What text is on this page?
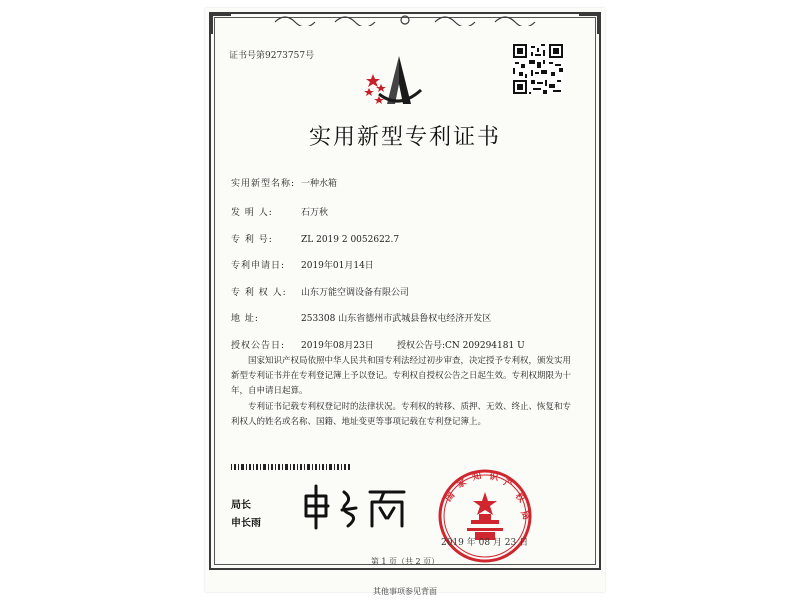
证书号第9273757号
实用新型专利证书
实用新型名称: 一种水箱
发 明 人:	石万秋
专 利 号:	ZL 2019 2 0052622.7
专利申请日: 2019年01月14日
专 利 权 人: 山东万能空调设备有限公司
地 址:	253308 山东省德州市武城县鲁权屯经济开发区
授权公告日: 2019年08月23日	授权公告号:CN 209294181 U
国家知识产权局依照中华人民共和国专利法经过初步审查，决定授予专利权，颁发实用新型专利证书并在专利登记簿上予以登记。专利权自授权公告之日起生效。专利权期限为十年，自申请日起算。
专利证书记载专利权登记时的法律状况。专利权的转移、质押、无效、终止、恢复和专利权人的姓名或名称、国籍、地址变更等事项记载在专利登记簿上。
局长
申长雨
国
家
知 识
产
权
局
2019 年 08 月 23 日
第 1 页（共 2 页）
其他事项参见背面
